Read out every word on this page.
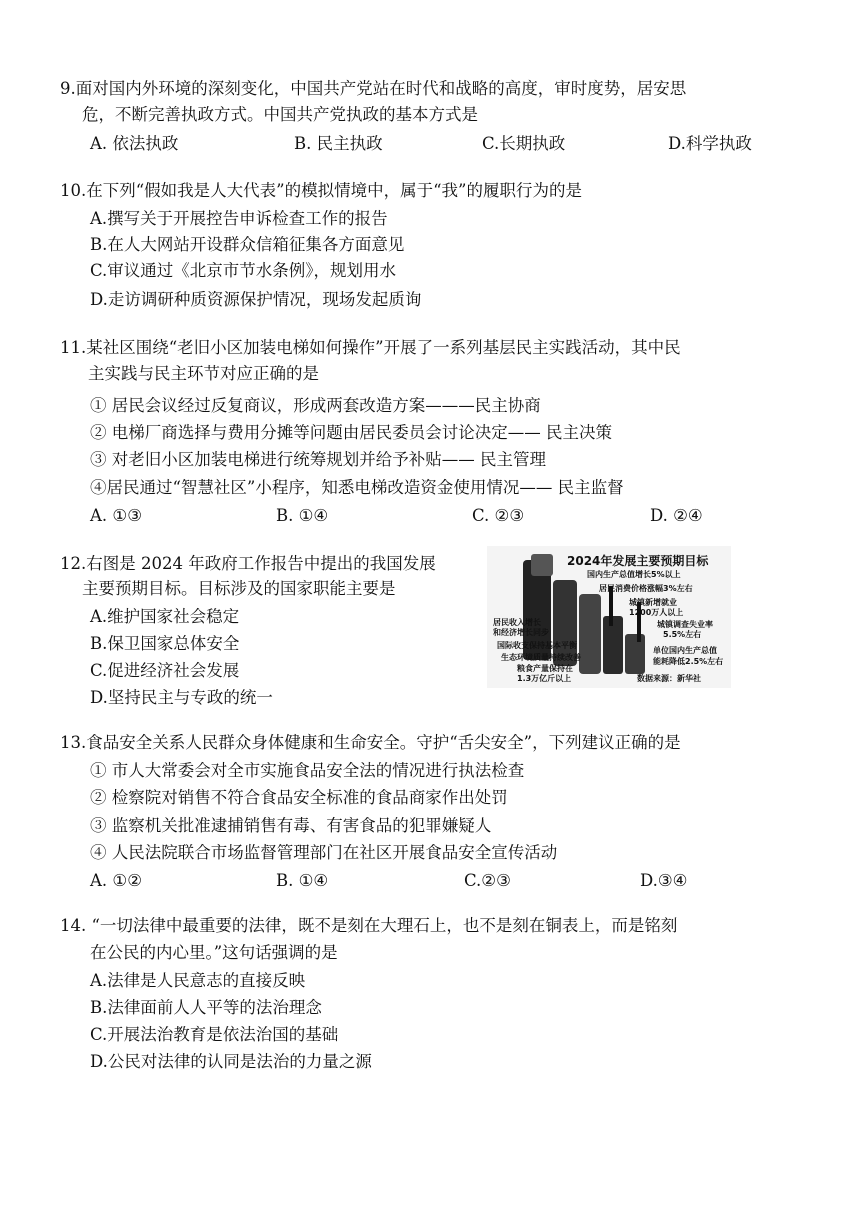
9.面对国内外环境的深刻变化，中国共产党站在时代和战略的高度，审时度势，居安思
危，不断完善执政方式。中国共产党执政的基本方式是
A. 依法执政	B. 民主执政	C.长期执政	D.科学执政
10.在下列“假如我是人大代表”的模拟情境中，属于“我”的履职行为的是
A.撰写关于开展控告申诉检查工作的报告
B.在人大网站开设群众信箱征集各方面意见
C.审议通过《北京市节水条例》，规划用水
D.走访调研种质资源保护情况，现场发起质询
11.某社区围绕“老旧小区加装电梯如何操作”开展了一系列基层民主实践活动，其中民
主实践与民主环节对应正确的是
① 居民会议经过反复商议，形成两套改造方案———民主协商
② 电梯厂商选择与费用分摊等问题由居民委员会讨论决定—— 民主决策
③ 对老旧小区加装电梯进行统筹规划并给予补贴—— 民主管理
④居民通过“智慧社区”小程序，知悉电梯改造资金使用情况—— 民主监督
A. ①③	B. ①④	C. ②③	D. ②④
12.右图是 2024 年政府工作报告中提出的我国发展
主要预期目标。目标涉及的国家职能主要是
A.维护国家社会稳定
B.保卫国家总体安全
C.促进经济社会发展
D.坚持民主与专政的统一
2024年发展主要预期目标
国内生产总值增长5%以上
居民消费价格涨幅3%左右
城镇新增就业
1200万人以上
城镇调查失业率
5.5%左右
居民收入增长
和经济增长同步
国际收支保持基本平衡
生态环境质量持续改善
粮食产量保持在
1.3万亿斤以上
单位国内生产总值
能耗降低2.5%左右
数据来源：新华社
13.食品安全关系人民群众身体健康和生命安全。守护“舌尖安全”，下列建议正确的是
① 市人大常委会对全市实施食品安全法的情况进行执法检查
② 检察院对销售不符合食品安全标准的食品商家作出处罚
③ 监察机关批准逮捕销售有毒、有害食品的犯罪嫌疑人
④ 人民法院联合市场监督管理部门在社区开展食品安全宣传活动
A. ①②	B. ①④	C.②③	D.③④
14. “一切法律中最重要的法律，既不是刻在大理石上，也不是刻在铜表上，而是铭刻
在公民的内心里。”这句话强调的是
A.法律是人民意志的直接反映
B.法律面前人人平等的法治理念
C.开展法治教育是依法治国的基础
D.公民对法律的认同是法治的力量之源
